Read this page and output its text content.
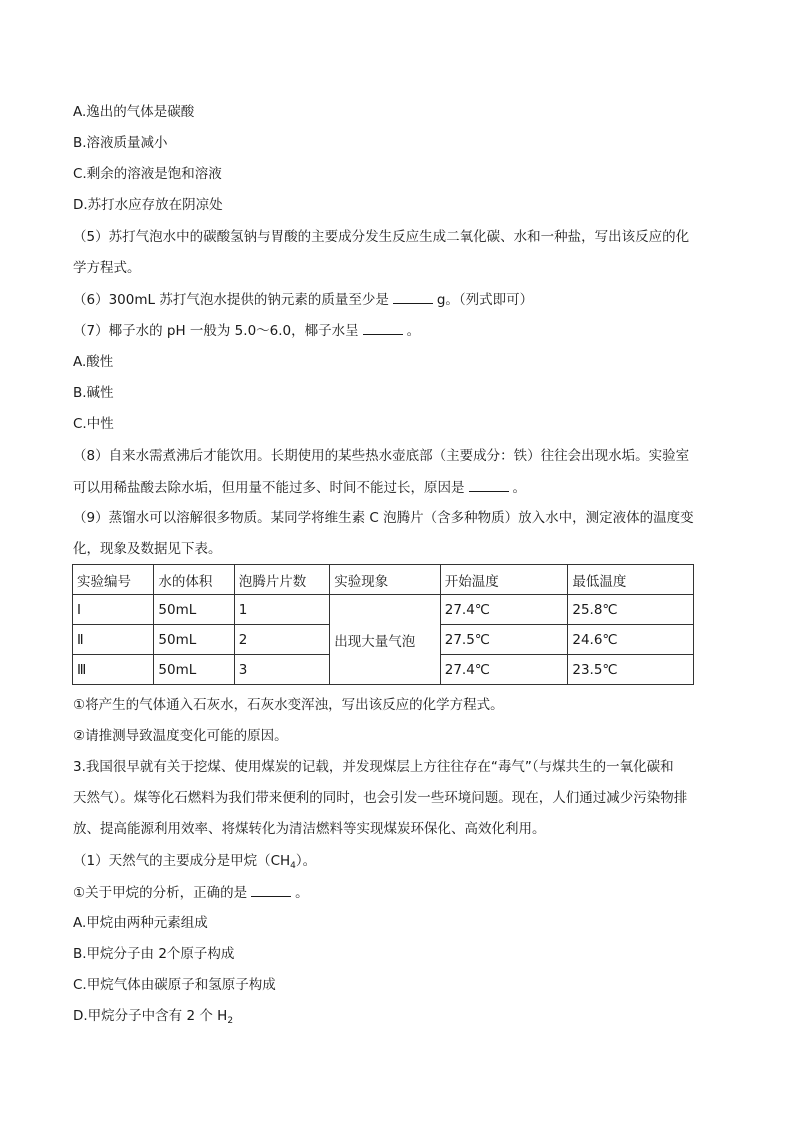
A.逸出的气体是碳酸
B.溶液质量减小
C.剩余的溶液是饱和溶液
D.苏打水应存放在阴凉处
（5）苏打气泡水中的碳酸氢钠与胃酸的主要成分发生反应生成二氧化碳、水和一种盐，写出该反应的化
学方程式。
（6）300mL 苏打气泡水提供的钠元素的质量至少是	g。（列式即可）
（7）椰子水的 pH 一般为 5.0～6.0，椰子水呈	。
A.酸性
B.碱性
C.中性
（8）自来水需煮沸后才能饮用。长期使用的某些热水壶底部（主要成分：铁）往往会出现水垢。实验室
可以用稀盐酸去除水垢，但用量不能过多、时间不能过长，原因是	。
（9）蒸馏水可以溶解很多物质。某同学将维生素 C 泡腾片（含多种物质）放入水中，测定液体的温度变
化，现象及数据见下表。
实验编号	水的体积	泡腾片片数	实验现象	开始温度	最低温度
Ⅰ	50mL	1	出现大量气泡	27.4℃	25.8℃
Ⅱ	50mL	2		27.5℃	24.6℃
Ⅲ	50mL	3		27.4℃	23.5℃
①将产生的气体通入石灰水，石灰水变浑浊，写出该反应的化学方程式。
②请推测导致温度变化可能的原因。
3.我国很早就有关于挖煤、使用煤炭的记载，并发现煤层上方往往存在“毒气”（与煤共生的一氧化碳和
天然气）。煤等化石燃料为我们带来便利的同时，也会引发一些环境问题。现在，人们通过减少污染物排
放、提高能源利用效率、将煤转化为清洁燃料等实现煤炭环保化、高效化利用。
（1）天然气的主要成分是甲烷$(CH_4)$。
①关于甲烷的分析，正确的是	。
A.甲烷由两种元素组成
B.甲烷分子由 2个原子构成
C.甲烷气体由碳原子和氢原子构成
D.甲烷分子中含有 2 个 $H_2$
